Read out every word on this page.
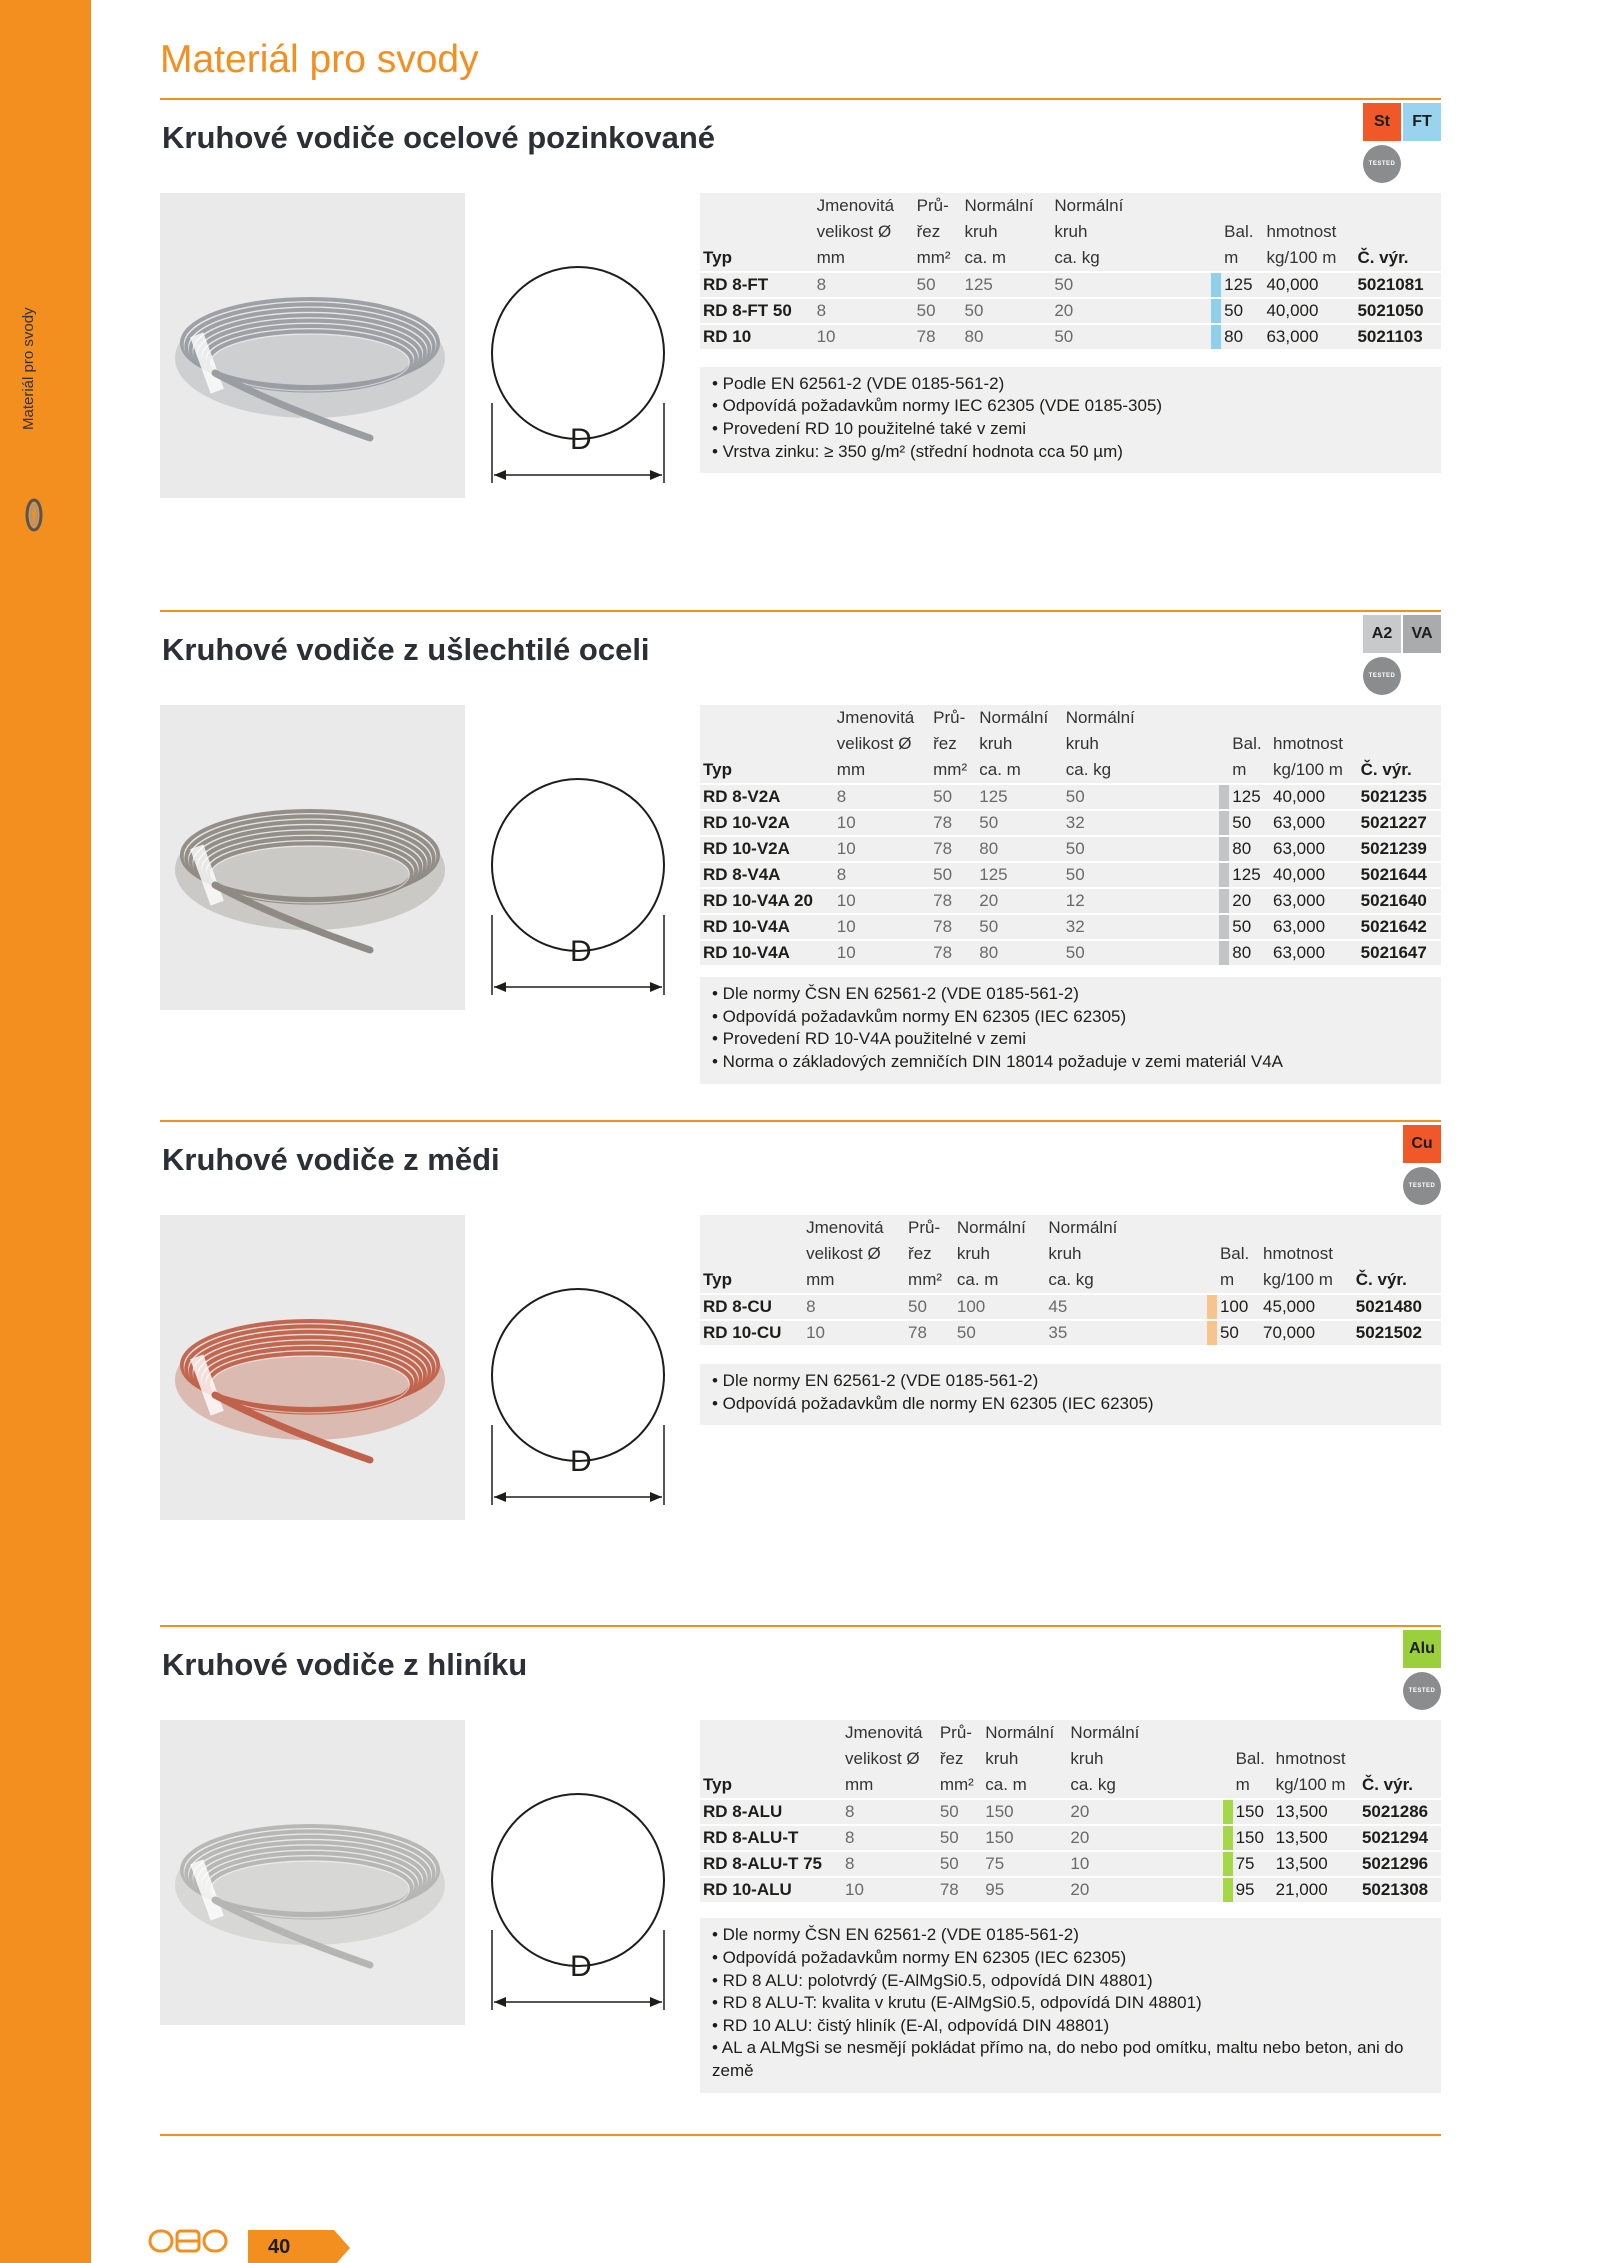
Materiál pro svody
Materiál pro svody
Kruhové vodiče ocelové pozinkované	St	FT
TESTED
D
	Jmenovitá	Prů-	Normální	Normální					
	velikost Ø	řez	kruh	kruh			Bal.	hmotnost	
Typ	mm	mm²	ca. m	ca. kg			m	kg/100 m	Č. výr.
RD 8-FT	8	50	125	50			125	40,000	5021081
RD 8-FT 50	8	50	50	20			50	40,000	5021050
RD 10	10	78	80	50			80	63,000	5021103
• Podle EN 62561-2 (VDE 0185-561-2)
• Odpovídá požadavkům normy IEC 62305 (VDE 0185-305)
• Provedení RD 10 použitelné také v zemi
• Vrstva zinku: ≥ 350 g/m² (střední hodnota cca 50 µm)
Kruhové vodiče z ušlechtilé oceli	A2	VA
TESTED
D
	Jmenovitá	Prů-	Normální	Normální					
	velikost Ø	řez	kruh	kruh			Bal.	hmotnost	
Typ	mm	mm²	ca. m	ca. kg			m	kg/100 m	Č. výr.
RD 8-V2A	8	50	125	50			125	40,000	5021235
RD 10-V2A	10	78	50	32			50	63,000	5021227
RD 10-V2A	10	78	80	50			80	63,000	5021239
RD 8-V4A	8	50	125	50			125	40,000	5021644
RD 10-V4A 20	10	78	20	12			20	63,000	5021640
RD 10-V4A	10	78	50	32			50	63,000	5021642
RD 10-V4A	10	78	80	50			80	63,000	5021647
• Dle normy ČSN EN 62561-2 (VDE 0185-561-2)
• Odpovídá požadavkům normy EN 62305 (IEC 62305)
• Provedení RD 10-V4A použitelné v zemi
• Norma o základových zemničích DIN 18014 požaduje v zemi materiál V4A
Kruhové vodiče z mědi	Cu
TESTED
D
	Jmenovitá	Prů-	Normální	Normální					
	velikost Ø	řez	kruh	kruh			Bal.	hmotnost	
Typ	mm	mm²	ca. m	ca. kg			m	kg/100 m	Č. výr.
RD 8-CU	8	50	100	45			100	45,000	5021480
RD 10-CU	10	78	50	35			50	70,000	5021502
• Dle normy EN 62561-2 (VDE 0185-561-2)
• Odpovídá požadavkům dle normy EN 62305 (IEC 62305)
Kruhové vodiče z hliníku	Alu
TESTED
D
	Jmenovitá	Prů-	Normální	Normální					
	velikost Ø	řez	kruh	kruh			Bal.	hmotnost	
Typ	mm	mm²	ca. m	ca. kg			m	kg/100 m	Č. výr.
RD 8-ALU	8	50	150	20			150	13,500	5021286
RD 8-ALU-T	8	50	150	20			150	13,500	5021294
RD 8-ALU-T 75	8	50	75	10			75	13,500	5021296
RD 10-ALU	10	78	95	20			95	21,000	5021308
• Dle normy ČSN EN 62561-2 (VDE 0185-561-2)
• Odpovídá požadavkům normy EN 62305 (IEC 62305)
• RD 8 ALU: polotvrdý (E-AlMgSi0.5, odpovídá DIN 48801)
• RD 8 ALU-T: kvalita v krutu (E-AlMgSi0.5, odpovídá DIN 48801)
• RD 10 ALU: čistý hliník (E-Al, odpovídá DIN 48801)
• AL a ALMgSi se nesmějí pokládat přímo na, do nebo pod omítku, maltu nebo beton, ani do země
40
